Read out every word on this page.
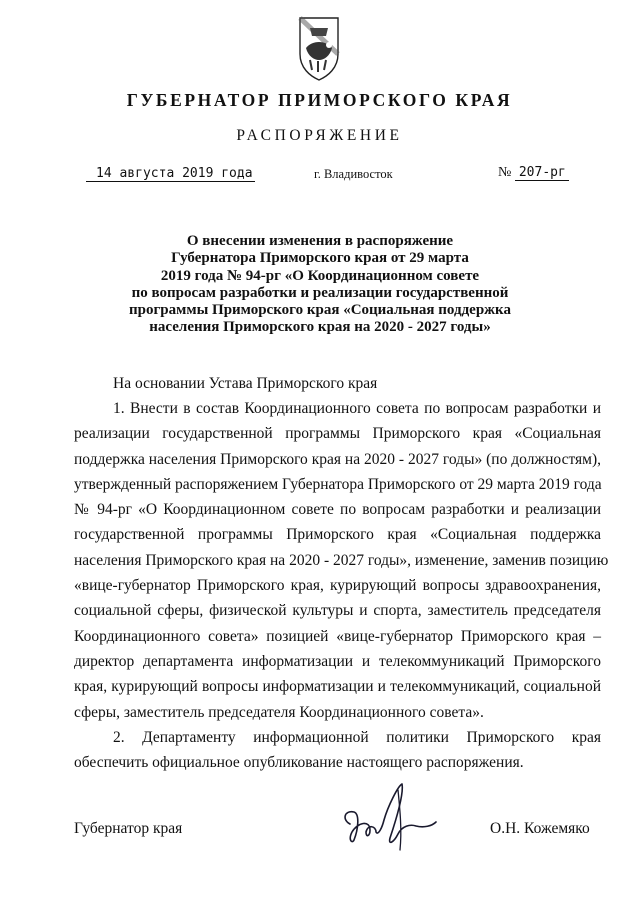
ГУБЕРНАТОР ПРИМОРСКОГО КРАЯ
РАСПОРЯЖЕНИЕ
14 августа 2019 года	г. Владивосток	№ 207-рг
О внесении изменения в распоряжение
Губернатора Приморского края от 29 марта
2019 года № 94-рг «О Координационном совете
по вопросам разработки и реализации государственной
программы Приморского края «Социальная поддержка
населения Приморского края на 2020 - 2027 годы»
На основании Устава Приморского края
1. Внести в состав Координационного совета по вопросам разработки и
реализации государственной программы Приморского края «Социальная
поддержка населения Приморского края на 2020 - 2027 годы» (по должностям),
утвержденный распоряжением Губернатора Приморского от 29 марта 2019 года
№ 94-рг «О Координационном совете по вопросам разработки и реализации
государственной программы Приморского края «Социальная поддержка
населения Приморского края на 2020 - 2027 годы», изменение, заменив позицию
«вице-губернатор Приморского края, курирующий вопросы здравоохранения,
социальной сферы, физической культуры и спорта, заместитель председателя
Координационного совета» позицией «вице-губернатор Приморского края –
директор департамента информатизации и телекоммуникаций Приморского
края, курирующий вопросы информатизации и телекоммуникаций, социальной
сферы, заместитель председателя Координационного совета».
2. Департаменту информационной политики Приморского края
обеспечить официальное опубликование настоящего распоряжения.
Губернатор края	О.Н. Кожемяко
